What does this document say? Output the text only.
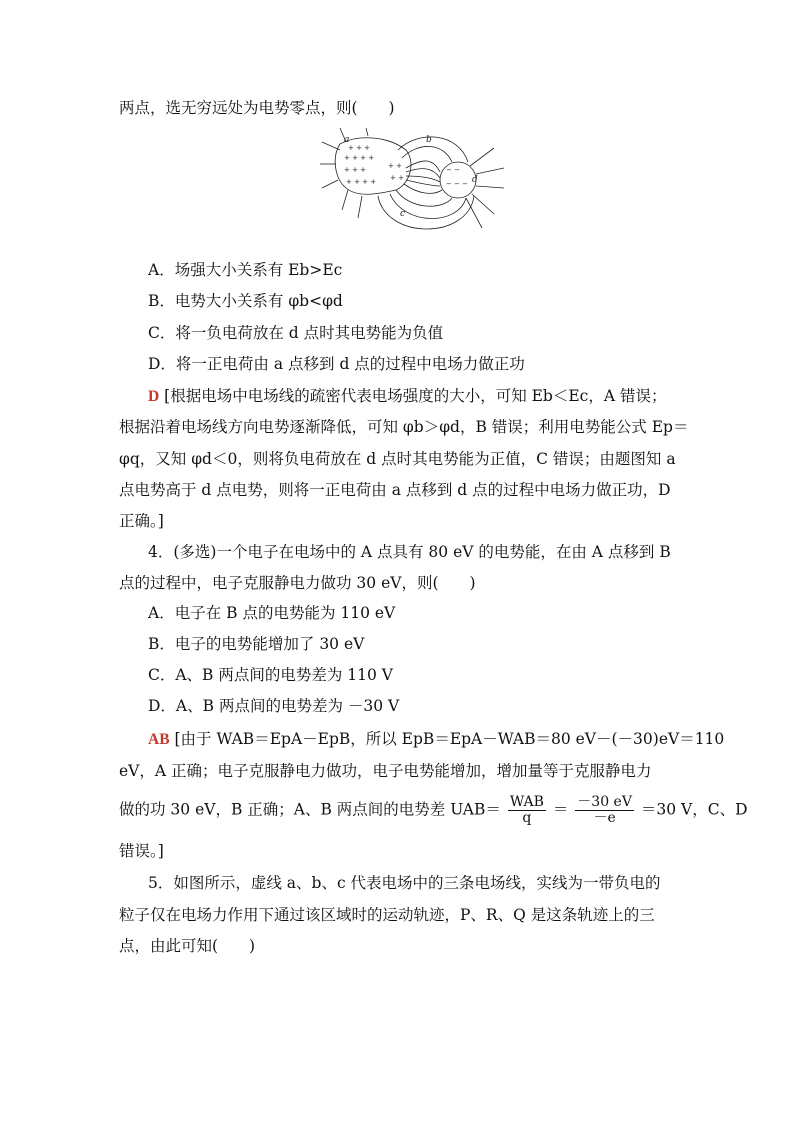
两点，选无穷远处为电势零点，则(　　)
+ + +
+ + + +
+ + +
+ + + +
+ +
+ +
− −
− − −
a	b
c
d
A．场强大小关系有 Eb>Ec
B．电势大小关系有 φb<φd
C．将一负电荷放在 d 点时其电势能为负值
D．将一正电荷由 a 点移到 d 点的过程中电场力做正功
D [根据电场中电场线的疏密代表电场强度的大小，可知 Eb＜Ec，A 错误；
根据沿着电场线方向电势逐渐降低，可知 φb＞φd，B 错误；利用电势能公式 Ep＝
φq，又知 φd＜0，则将负电荷放在 d 点时其电势能为正值，C 错误；由题图知 a
点电势高于 d 点电势，则将一正电荷由 a 点移到 d 点的过程中电场力做正功，D
正确。]
4．(多选)一个电子在电场中的 A 点具有 80 eV 的电势能，在由 A 点移到 B
点的过程中，电子克服静电力做功 30 eV，则(　　)
A．电子在 B 点的电势能为 110 eV
B．电子的电势能增加了 30 eV
C．A、B 两点间的电势差为 110 V
D．A、B 两点间的电势差为 －30 V
AB [由于 WAB＝EpA－EpB，所以 EpB＝EpA－WAB＝80 eV－(－30)eV＝110
eV，A 正确；电子克服静电力做功，电子电势能增加，增加量等于克服静电力
做的功 30 eV，B 正确；A、B 两点间的电势差 $UAB= \frac{\text{WAB}}{q} = \frac{-30 eV}{-e} =30$ V，C、D
错误。]
5．如图所示，虚线 a、b、c 代表电场中的三条电场线，实线为一带负电的
粒子仅在电场力作用下通过该区域时的运动轨迹，P、R、Q 是这条轨迹上的三
点，由此可知(　　)
